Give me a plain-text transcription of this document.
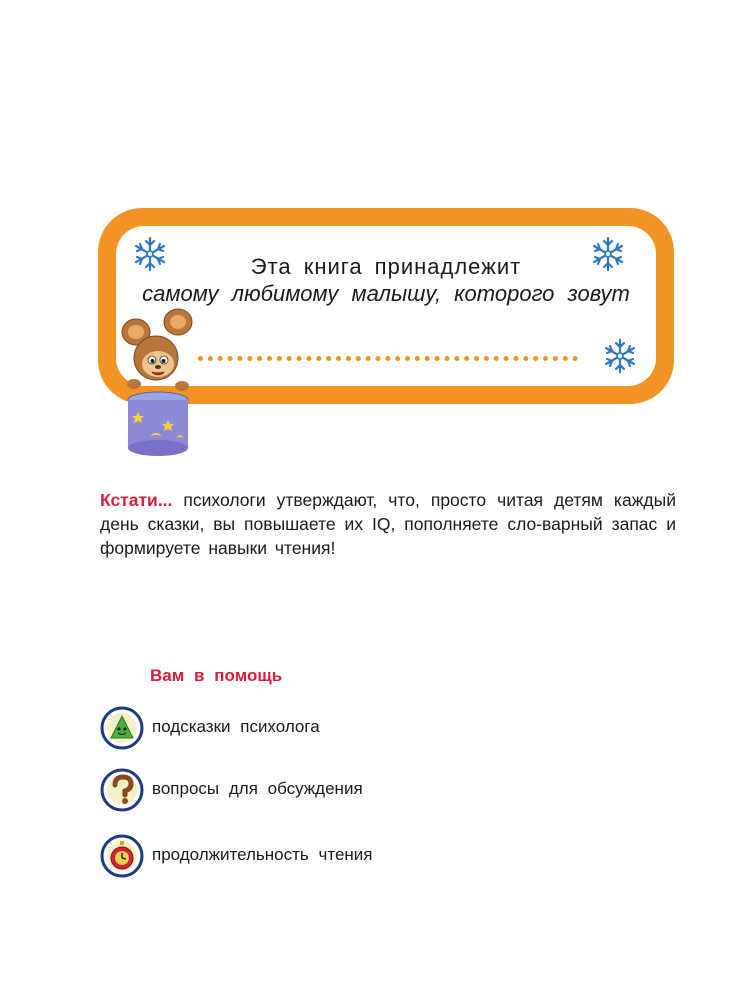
Эта книга принадлежит
самому любимому малышу, которого зовут
Кстати... психологи утверждают, что, просто читая детям каждый день сказки, вы повышаете их IQ, пополняете сло-варный запас и формируете навыки чтения!
Вам в помощь
подсказки психолога
вопросы для обсуждения
продолжительность чтения
